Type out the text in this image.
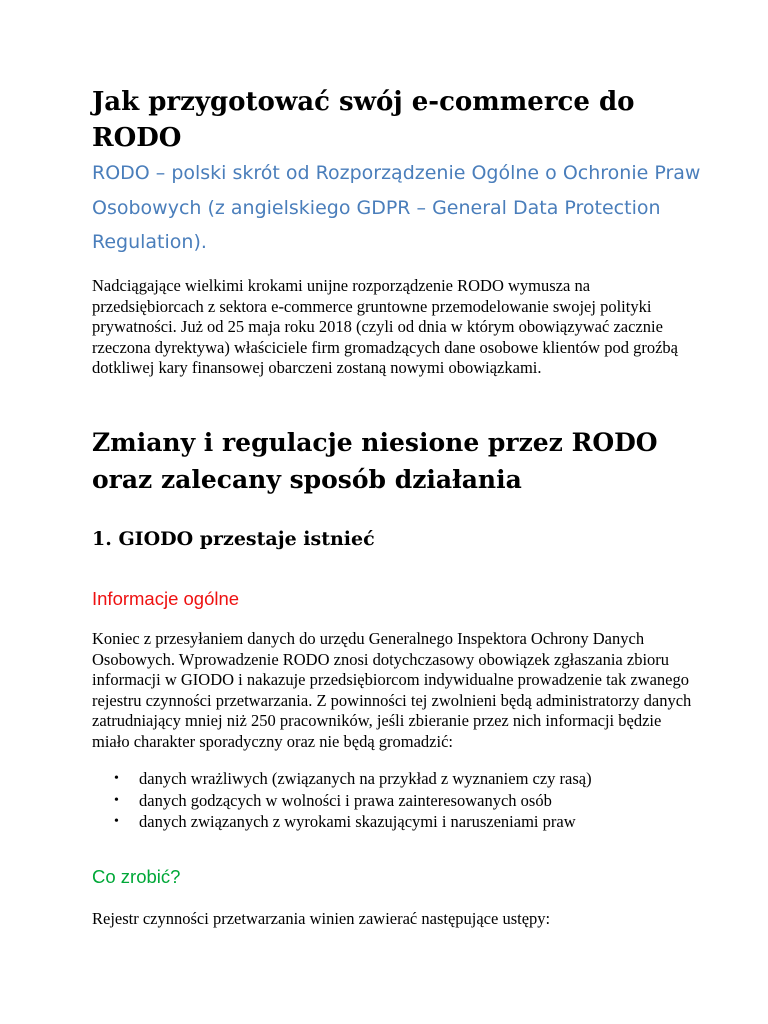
Jak przygotować swój e-commerce do RODO

RODO – polski skrót od Rozporządzenie Ogólne o Ochronie Praw Osobowych (z angielskiego GDPR – General Data Protection Regulation).

Nadciągające wielkimi krokami unijne rozporządzenie RODO wymusza na przedsiębiorcach z sektora e-commerce gruntowne przemodelowanie swojej polityki prywatności. Już od 25 maja roku 2018 (czyli od dnia w którym obowiązywać zacznie rzeczona dyrektywa) właściciele firm gromadzących dane osobowe klientów pod groźbą dotkliwej kary finansowej obarczeni zostaną nowymi obowiązkami.

Zmiany i regulacje niesione przez RODO oraz zalecany sposób działania
1. GIODO przestaje istnieć
Informacje ogólne

Koniec z przesyłaniem danych do urzędu Generalnego Inspektora Ochrony Danych Osobowych. Wprowadzenie RODO znosi dotychczasowy obowiązek zgłaszania zbioru informacji w GIODO i nakazuje przedsiębiorcom indywidualne prowadzenie tak zwanego rejestru czynności przetwarzania. Z powinności tej zwolnieni będą administratorzy danych zatrudniający mniej niż 250 pracowników, jeśli zbieranie przez nich informacji będzie miało charakter sporadyczny oraz nie będą gromadzić:

• danych wrażliwych (związanych na przykład z wyznaniem czy rasą)
• danych godzących w wolności i prawa zainteresowanych osób
• danych związanych z wyrokami skazującymi i naruszeniami praw
Co zrobić?

Rejestr czynności przetwarzania winien zawierać następujące ustępy:
